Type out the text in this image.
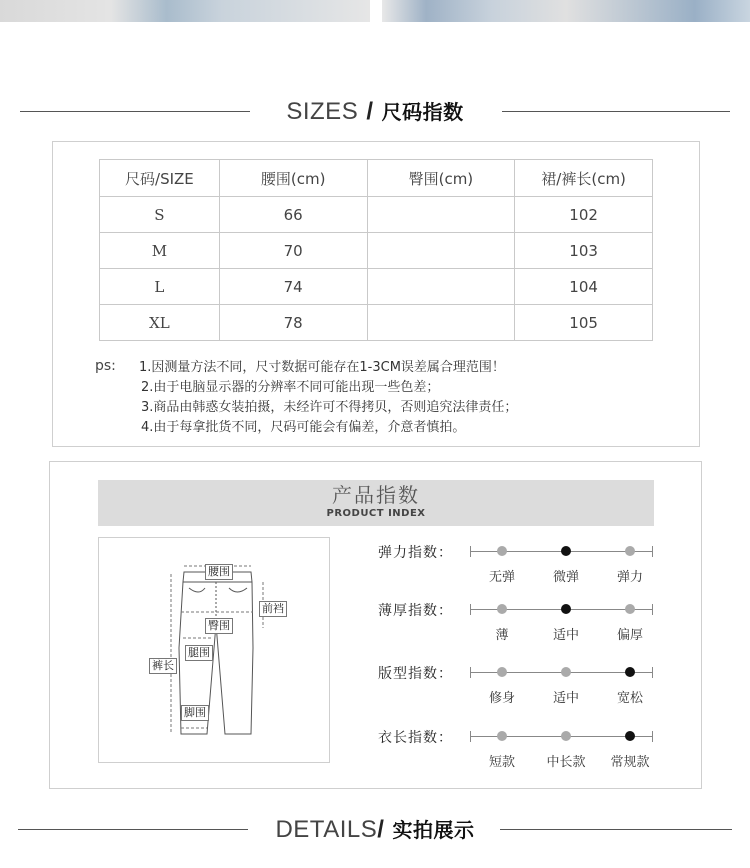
SIZES / 尺码指数
尺码/SIZE	腰围(cm)	臀围(cm)	裙/裤长(cm)
S	66		102
M	70		103
L	74		104
XL	78		105
ps: 1.因测量方法不同，尺寸数据可能存在1-3CM误差属合理范围！
2.由于电脑显示器的分辨率不同可能出现一些色差；
3.商品由韩惑女装拍摄，未经许可不得拷贝，否则追究法律责任；
4.由于每拿批货不同，尺码可能会有偏差，介意者慎拍。
产品指数
PRODUCT INDEX
腰围
前裆
臀围
腿围
裤长
脚围
弹力指数：
无弹	微弹	弹力
薄厚指数：
薄	适中	偏厚
版型指数：
修身	适中	宽松
衣长指数：
短款	中长款	常规款
DETAILS/ 实拍展示
